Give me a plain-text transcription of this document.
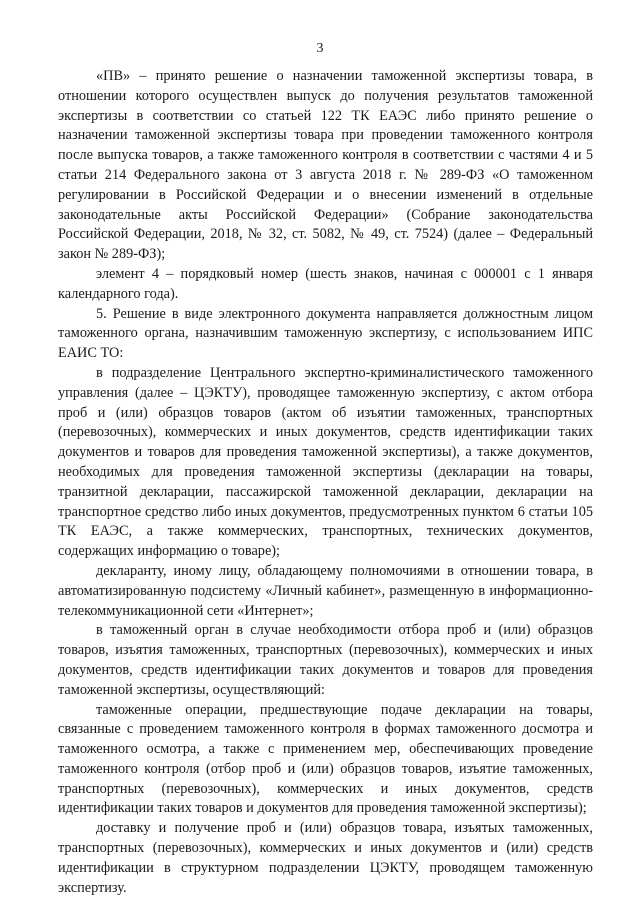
3

«ПВ» – принято решение о назначении таможенной экспертизы товара, в отношении которого осуществлен выпуск до получения результатов таможенной экспертизы в соответствии со статьей 122 ТК ЕАЭС либо принято решение о назначении таможенной экспертизы товара при проведении таможенного контроля после выпуска товаров, а также таможенного контроля в соответствии с частями 4 и 5 статьи 214 Федерального закона от 3 августа 2018 г. № 289-ФЗ «О таможенном регулировании в Российской Федерации и о внесении изменений в отдельные законодательные акты Российской Федерации» (Собрание законодательства Российской Федерации, 2018, № 32, ст. 5082, № 49, ст. 7524) (далее – Федеральный закон № 289-ФЗ);

элемент 4 – порядковый номер (шесть знаков, начиная с 000001 с 1 января календарного года).

5. Решение в виде электронного документа направляется должностным лицом таможенного органа, назначившим таможенную экспертизу, с использованием ИПС ЕАИС ТО:

в подразделение Центрального экспертно-криминалистического таможенного управления (далее – ЦЭКТУ), проводящее таможенную экспертизу, с актом отбора проб и (или) образцов товаров (актом об изъятии таможенных, транспортных (перевозочных), коммерческих и иных документов, средств идентификации таких документов и товаров для проведения таможенной экспертизы), а также документов, необходимых для проведения таможенной экспертизы (декларации на товары, транзитной декларации, пассажирской таможенной декларации, декларации на транспортное средство либо иных документов, предусмотренных пунктом 6 статьи 105 ТК ЕАЭС, а также коммерческих, транспортных, технических документов, содержащих информацию о товаре);

декларанту, иному лицу, обладающему полномочиями в отношении товара, в автоматизированную подсистему «Личный кабинет», размещенную в информационно-телекоммуникационной сети «Интернет»;

в таможенный орган в случае необходимости отбора проб и (или) образцов товаров, изъятия таможенных, транспортных (перевозочных), коммерческих и иных документов, средств идентификации таких документов и товаров для проведения таможенной экспертизы, осуществляющий:

таможенные операции, предшествующие подаче декларации на товары, связанные с проведением таможенного контроля в формах таможенного досмотра и таможенного осмотра, а также с применением мер, обеспечивающих проведение таможенного контроля (отбор проб и (или) образцов товаров, изъятие таможенных, транспортных (перевозочных), коммерческих и иных документов, средств идентификации таких товаров и документов для проведения таможенной экспертизы);

доставку и получение проб и (или) образцов товара, изъятых таможенных, транспортных (перевозочных), коммерческих и иных документов и (или) средств идентификации в структурном подразделении ЦЭКТУ, проводящем таможенную экспертизу.
